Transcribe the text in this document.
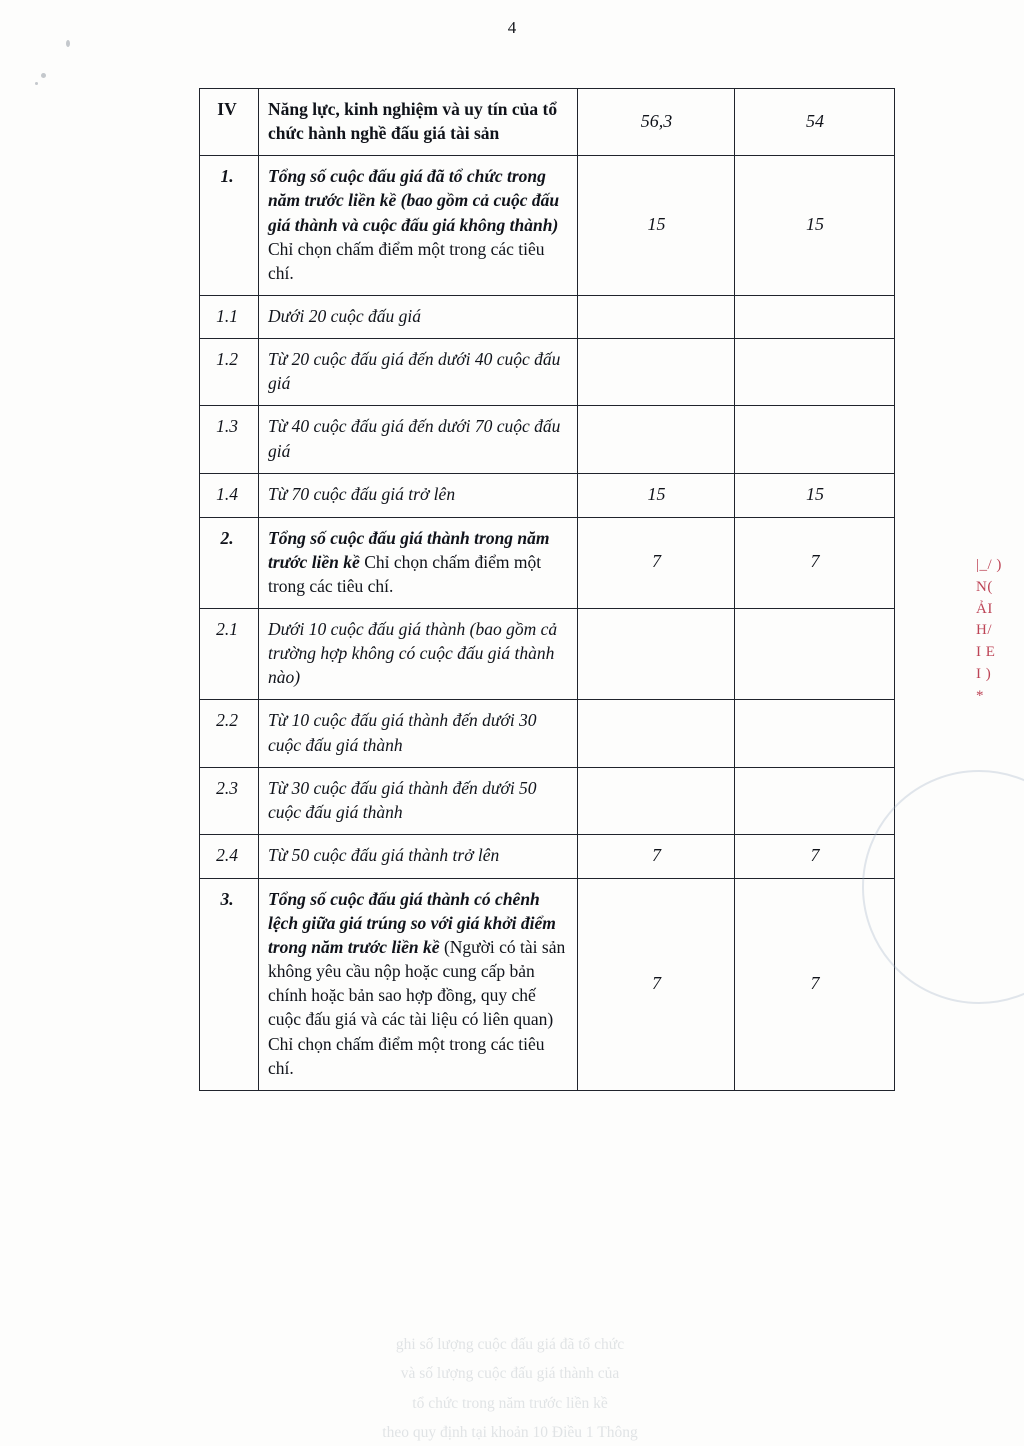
4
IV	Năng lực, kinh nghiệm và uy tín của tổ chức hành nghề đấu giá tài sản	56,3	54
1.	Tổng số cuộc đấu giá đã tổ chức trong năm trước liền kề (bao gồm cả cuộc đấu giá thành và cuộc đấu giá không thành) Chỉ chọn chấm điểm một trong các tiêu chí.	15	15
1.1	Dưới 20 cuộc đấu giá		
1.2	Từ 20 cuộc đấu giá đến dưới 40 cuộc đấu giá		
1.3	Từ 40 cuộc đấu giá đến dưới 70 cuộc đấu giá		
1.4	Từ 70 cuộc đấu giá trở lên	15	15
2.	Tổng số cuộc đấu giá thành trong năm trước liền kề Chỉ chọn chấm điểm một trong các tiêu chí.	7	7
2.1	Dưới 10 cuộc đấu giá thành (bao gồm cả trường hợp không có cuộc đấu giá thành nào)		
2.2	Từ 10 cuộc đấu giá thành đến dưới 30 cuộc đấu giá thành		
2.3	Từ 30 cuộc đấu giá thành đến dưới 50 cuộc đấu giá thành		
2.4	Từ 50 cuộc đấu giá thành trở lên	7	7
3.	Tổng số cuộc đấu giá thành có chênh lệch giữa giá trúng so với giá khởi điểm trong năm trước liền kề (Người có tài sản không yêu cầu nộp hoặc cung cấp bản chính hoặc bản sao hợp đồng, quy chế cuộc đấu giá và các tài liệu có liên quan) Chỉ chọn chấm điểm một trong các tiêu chí.	7	7
|_/ )
N(
ẢI
H/
I E
I )
*
ghi số lượng cuộc đấu giá đã tổ chức
và số lượng cuộc đấu giá thành của
tổ chức trong năm trước liền kề
theo quy định tại khoản 10 Điều 1 Thông
